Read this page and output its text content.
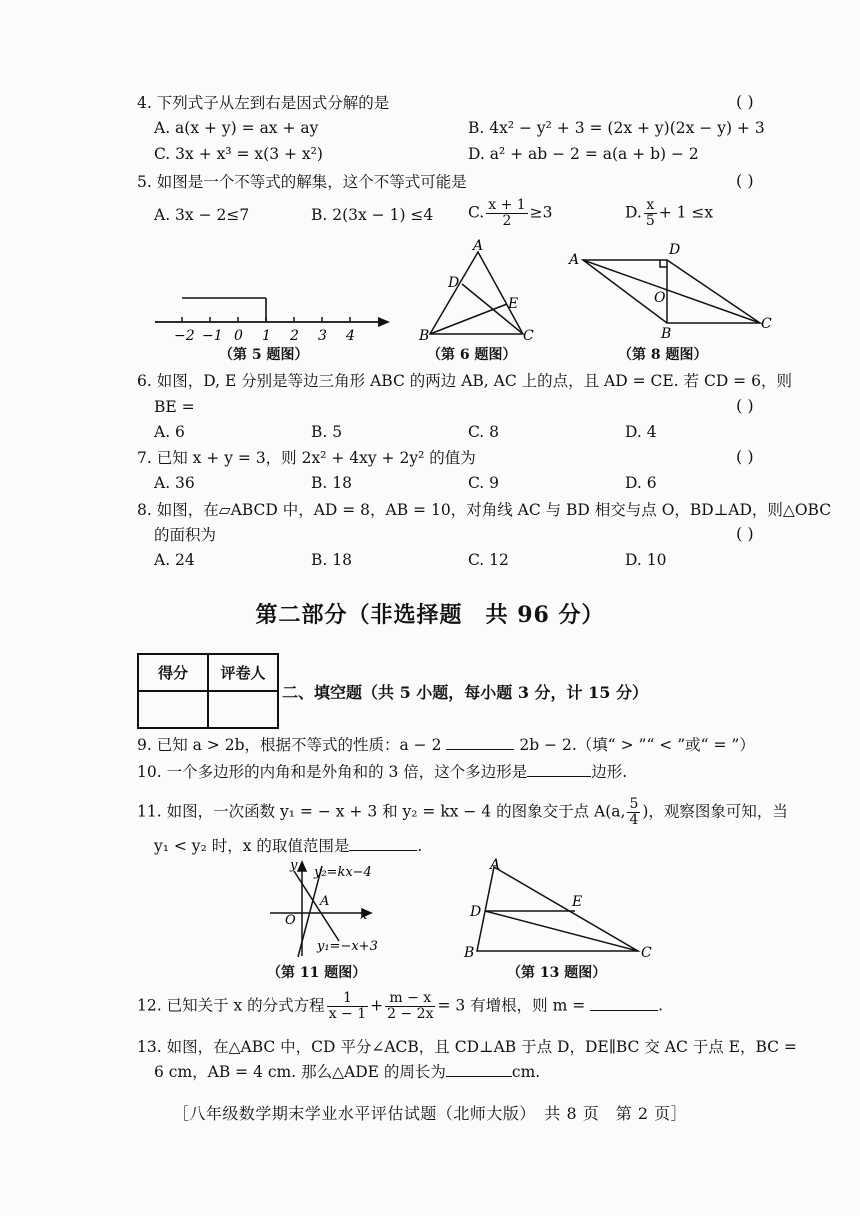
4. 下列式子从左到右是因式分解的是	( )
A. a(x + y) = ax + ay	B. 4x² − y² + 3 = (2x + y)(2x − y) + 3
C. 3x + x³ = x(3 + x²)	D. a² + ab − 2 = a(a + b) − 2
5. 如图是一个不等式的解集，这个不等式可能是	( )
A. 3x − 2≤7	B. 2(3x − 1) ≤4 C. $\frac{x + 1}{2} \ge 3$	D. $\frac{x}{5} + 1 \le x$
−2 −1 0 1 2 3 4
（第 5 题图）
A
B	C
D
E
（第 6 题图）
A
D
O
B
C
（第 8 题图）
6. 如图，D, E 分别是等边三角形 ABC 的两边 AB, AC 上的点，且 AD = CE. 若 CD = 6，则
BE =	( )
A. 6	B. 5	C. 8	D. 4
7. 已知 x + y = 3，则 2x² + 4xy + 2y² 的值为	( )
A. 36	B. 18	C. 9	D. 6
8. 如图，在▱ABCD 中，AD = 8，AB = 10，对角线 AC 与 BD 相交与点 O，BD⊥AD，则△OBC
的面积为	( )
A. 24	B. 18	C. 12	D. 10
第二部分（非选择题　共 96 分）
得分	评卷人

二、填空题（共 5 小题，每小题 3 分，计 15 分）
9. 已知 a > 2b，根据不等式的性质：a − 2	2b − 2.（填“ > ”“ < ”或“ = ”）
10. 一个多边形的内角和是外角和的 3 倍，这个多边形是	边形.
11. 如图，一次函数 y₁ = − x + 3 和 y₂ = kx − 4 的图象交于点 A(a, $\frac{5}{4}$ )，观察图象可知，当
y₁ < y₂ 时，x 的取值范围是	.
y
x
O
A
y₂=kx−4
y₁=−x+3
（第 11 题图）
A
B	C
D
E
（第 13 题图）
12. 已知关于 x 的分式方程 $\frac{1}{x - 1} + \frac{m - x}{2 - 2x} = 3$ 有增根，则 m =	.
13. 如图，在△ABC 中，CD 平分∠ACB，且 CD⊥AB 于点 D，DE∥BC 交 AC 于点 E，BC =
6 cm，AB = 4 cm. 那么△ADE 的周长为	cm.
［八年级数学期末学业水平评估试题（北师大版）　共 8 页　第 2 页］
